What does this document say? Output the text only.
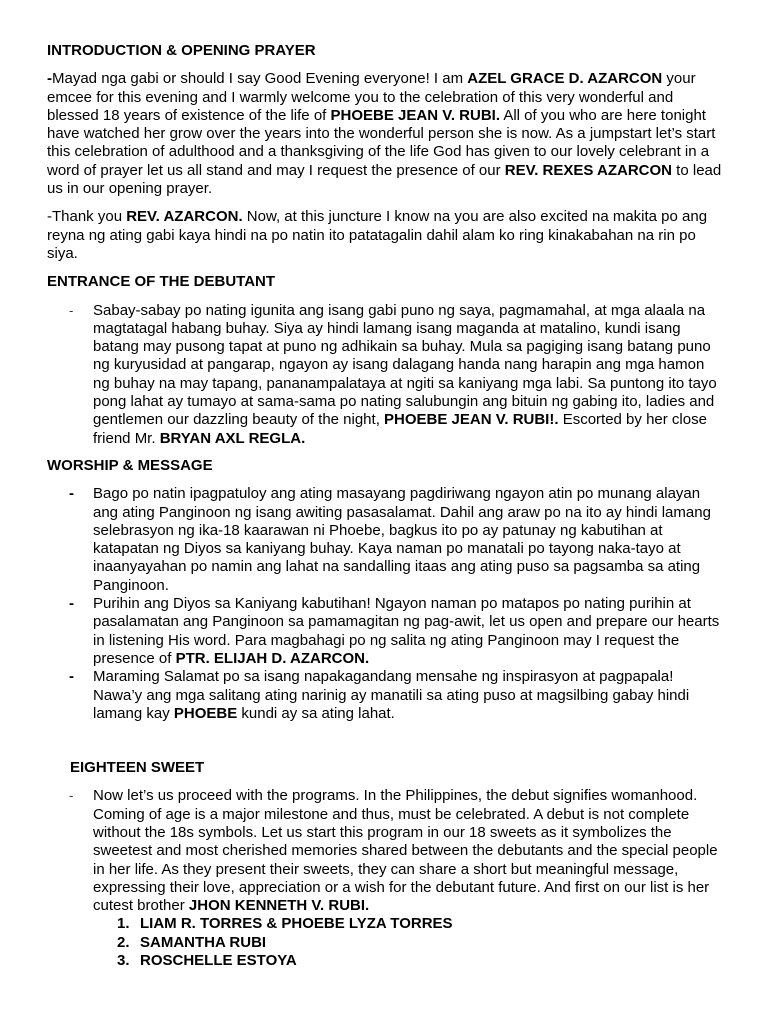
INTRODUCTION & OPENING PRAYER

-Mayad nga gabi or should I say Good Evening everyone! I am AZEL GRACE D. AZARCON your emcee for this evening and I warmly welcome you to the celebration of this very wonderful and blessed 18 years of existence of the life of PHOEBE JEAN V. RUBI. All of you who are here tonight have watched her grow over the years into the wonderful person she is now. As a jumpstart let’s start this celebration of adulthood and a thanksgiving of the life God has given to our lovely celebrant in a word of prayer let us all stand and may I request the presence of our REV. REXES AZARCON to lead us in our opening prayer.

-Thank you REV. AZARCON. Now, at this juncture I know na you are also excited na makita po ang reyna ng ating gabi kaya hindi na po natin ito patatagalin dahil alam ko ring kinakabahan na rin po siya.

ENTRANCE OF THE DEBUTANT

- Sabay-sabay po nating igunita ang isang gabi puno ng saya, pagmamahal, at mga alaala na magtatagal habang buhay. Siya ay hindi lamang isang maganda at matalino, kundi isang batang may pusong tapat at puno ng adhikain sa buhay. Mula sa pagiging isang batang puno ng kuryusidad at pangarap, ngayon ay isang dalagang handa nang harapin ang mga hamon ng buhay na may tapang, pananampalataya at ngiti sa kaniyang mga labi. Sa puntong ito tayo pong lahat ay tumayo at sama-sama po nating salubungin ang bituin ng gabing ito, ladies and gentlemen our dazzling beauty of the night, PHOEBE JEAN V. RUBI!. Escorted by her close friend Mr. BRYAN AXL REGLA.

WORSHIP & MESSAGE

- Bago po natin ipagpatuloy ang ating masayang pagdiriwang ngayon atin po munang alayan ang ating Panginoon ng isang awiting pasasalamat. Dahil ang araw po na ito ay hindi lamang selebrasyon ng ika-18 kaarawan ni Phoebe, bagkus ito po ay patunay ng kabutihan at katapatan ng Diyos sa kaniyang buhay. Kaya naman po manatali po tayong naka-tayo at inaanyayahan po namin ang lahat na sandalling itaas ang ating puso sa pagsamba sa ating Panginoon.
- Purihin ang Diyos sa Kaniyang kabutihan! Ngayon naman po matapos po nating purihin at pasalamatan ang Panginoon sa pamamagitan ng pag-awit, let us open and prepare our hearts in listening His word. Para magbahagi po ng salita ng ating Panginoon may I request the presence of PTR. ELIJAH D. AZARCON.
- Maraming Salamat po sa isang napakagandang mensahe ng inspirasyon at pagpapala! Nawa’y ang mga salitang ating narinig ay manatili sa ating puso at magsilbing gabay hindi lamang kay PHOEBE kundi ay sa ating lahat.

EIGHTEEN SWEET

- Now let’s us proceed with the programs. In the Philippines, the debut signifies womanhood. Coming of age is a major milestone and thus, must be celebrated. A debut is not complete without the 18s symbols. Let us start this program in our 18 sweets as it symbolizes the sweetest and most cherished memories shared between the debutants and the special people in her life. As they present their sweets, they can share a short but meaningful message, expressing their love, appreciation or a wish for the debutant future. And first on our list is her cutest brother JHON KENNETH V. RUBI.
1. LIAM R. TORRES & PHOEBE LYZA TORRES
2. SAMANTHA RUBI
3. ROSCHELLE ESTOYA
